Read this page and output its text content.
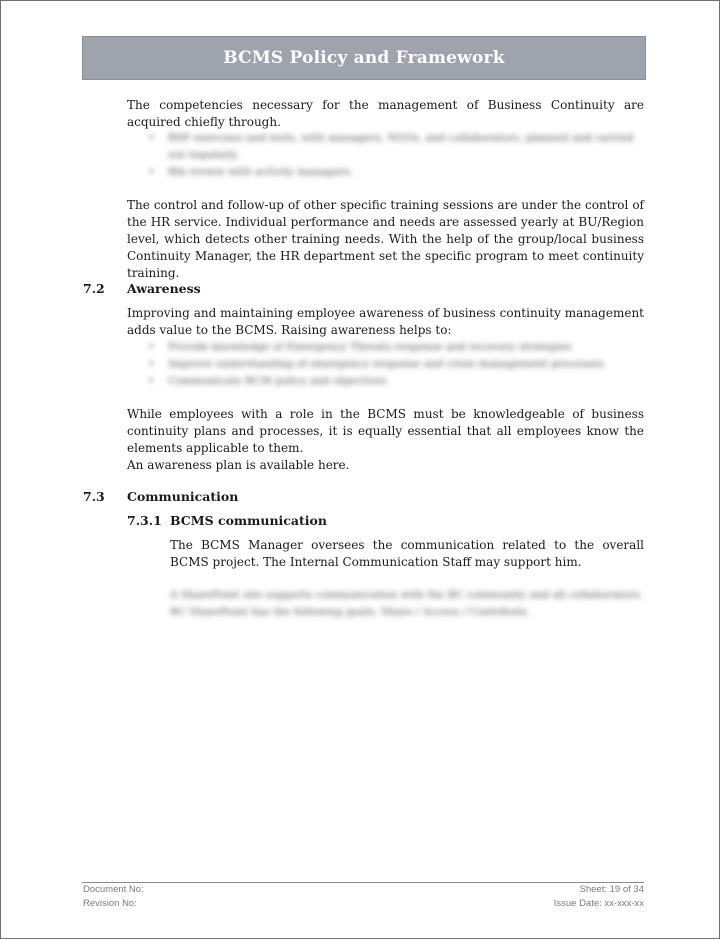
BCMS Policy and Framework

The competencies necessary for the management of Business Continuity are acquired chiefly through.

• BSP exercises and tests, with managers, NGOs, and collaborators, planned and carried out regularly.
• Bib review with activity managers.

The control and follow-up of other specific training sessions are under the control of the HR service. Individual performance and needs are assessed yearly at BU/Region level, which detects other training needs. With the help of the group/local business Continuity Manager, the HR department set the specific program to meet continuity training.

7.2 Awareness

Improving and maintaining employee awareness of business continuity management adds value to the BCMS. Raising awareness helps to:

• Provide knowledge of Emergency Threats response and recovery strategies
• Improve understanding of emergency response and crisis management processes
• Communicate BCM policy and objectives

While employees with a role in the BCMS must be knowledgeable of business continuity plans and processes, it is equally essential that all employees know the elements applicable to them.

An awareness plan is available here.

7.3 Communication

7.3.1 BCMS communication

The BCMS Manager oversees the communication related to the overall BCMS project. The Internal Communication Staff may support him.

A SharePoint site supports communication with the BC community and all collaborators. BC SharePoint has the following goals: Share / Access / Contribute.

Document No:

Revision No:

Sheet: 19 of 34

Issue Date: xx-xxx-xx
